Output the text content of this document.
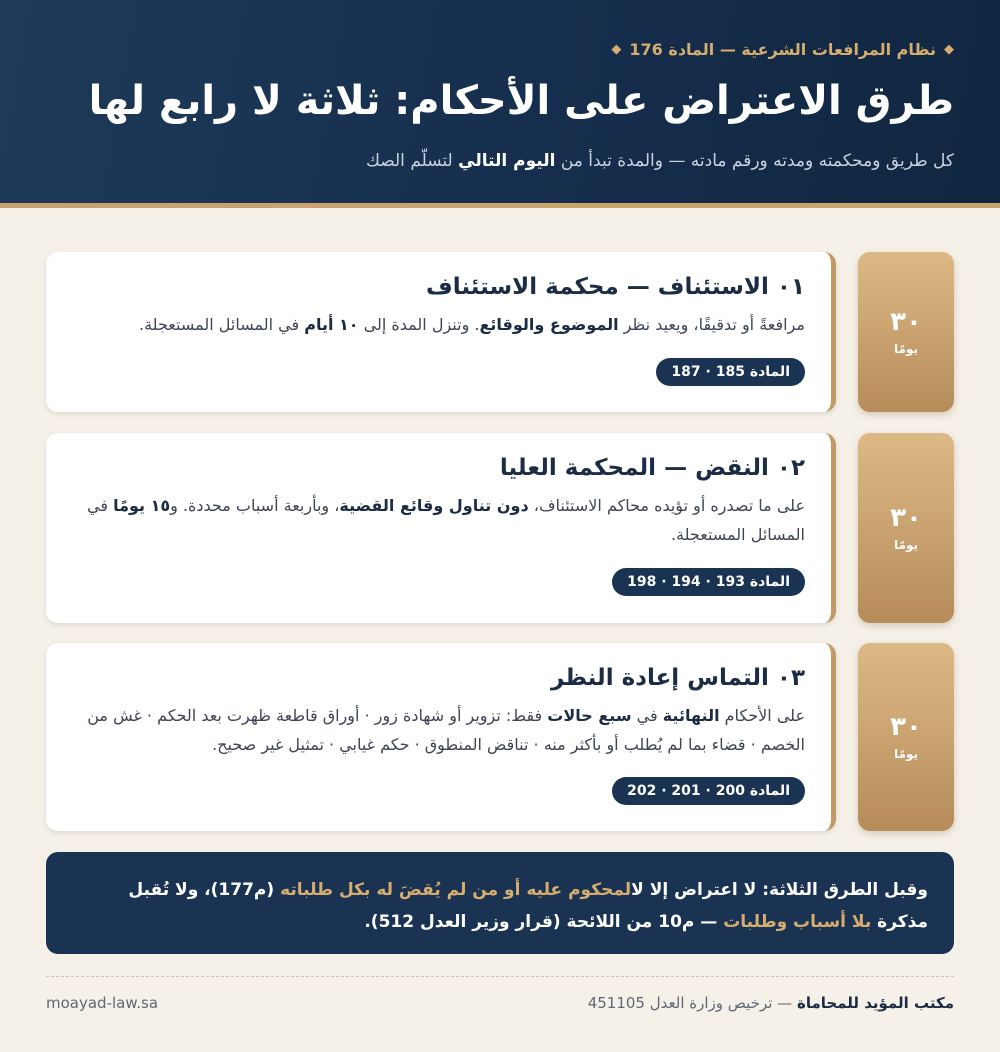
◆
نظام المرافعات الشرعية — المادة 176
◆
طرق الاعتراض على الأحكام: ثلاثة لا رابع لها

كل طريق ومحكمته ومدته ورقم مادته — والمدة تبدأ من اليوم التالي لتسلّم الصك

٣٠
يومًا
٠١ الاستئناف — محكمة الاستئناف

مرافعةً أو تدقيقًا، ويعيد نظر الموضوع والوقائع. وتنزل المدة إلى ١٠ أيام في المسائل المستعجلة.

المادة 185 · 187
٣٠
يومًا
٠٢ النقض — المحكمة العليا

على ما تصدره أو تؤيده محاكم الاستئناف، دون تناول وقائع القضية، وبأربعة أسباب محددة. و١٥ يومًا في المسائل المستعجلة.

المادة 193 · 194 · 198
٣٠
يومًا
٠٣ التماس إعادة النظر

على الأحكام النهائية في سبع حالات فقط: تزوير أو شهادة زور · أوراق قاطعة ظهرت بعد الحكم · غش من الخصم · قضاء بما لم يُطلب أو بأكثر منه · تناقض المنطوق · حكم غيابي · تمثيل غير صحيح.

المادة 200 · 201 · 202
وقبل الطرق الثلاثة: لا اعتراض إلا لالمحكوم عليه أو من لم يُقضَ له بكل طلباته (م177)، ولا تُقبل مذكرة بلا أسباب وطلبات — م10 من اللائحة (قرار وزير العدل 512).
مكتب المؤيد للمحاماة — ترخيص وزارة العدل 451105
moayad-law.sa
